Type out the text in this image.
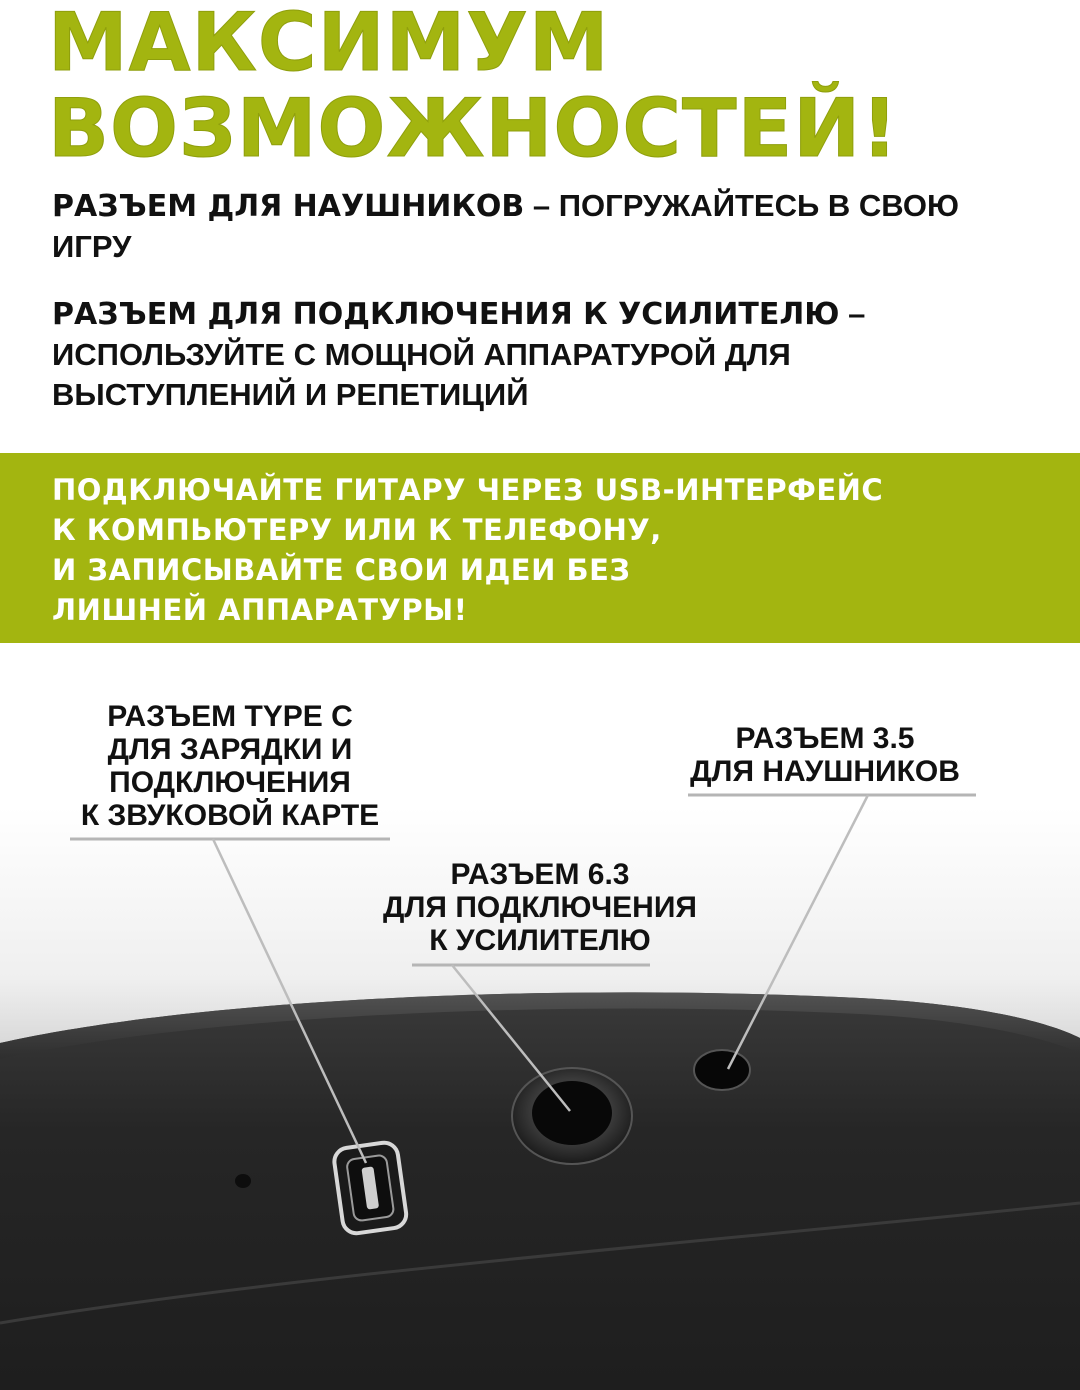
МАКСИМУМ
ВОЗМОЖНОСТЕЙ!

РАЗЪЕМ ДЛЯ НАУШНИКОВ – ПОГРУЖАЙТЕСЬ В СВОЮ ИГРУ

РАЗЪЕМ ДЛЯ ПОДКЛЮЧЕНИЯ К УСИЛИТЕЛЮ – ИСПОЛЬЗУЙТЕ С МОЩНОЙ АППАРАТУРОЙ ДЛЯ ВЫСТУПЛЕНИЙ И РЕПЕТИЦИЙ

ПОДКЛЮЧАЙТЕ ГИТАРУ ЧЕРЕЗ USB-ИНТЕРФЕЙС
К КОМПЬЮТЕРУ ИЛИ К ТЕЛЕФОНУ,
И ЗАПИСЫВАЙТЕ СВОИ ИДЕИ БЕЗ
ЛИШНЕЙ АППАРАТУРЫ!

РАЗЪЕМ TYPE C
ДЛЯ ЗАРЯДКИ И
ПОДКЛЮЧЕНИЯ
К ЗВУКОВОЙ КАРТЕ

РАЗЪЕМ 6.3
ДЛЯ ПОДКЛЮЧЕНИЯ
К УСИЛИТЕЛЮ

РАЗЪЕМ 3.5
ДЛЯ НАУШНИКОВ
